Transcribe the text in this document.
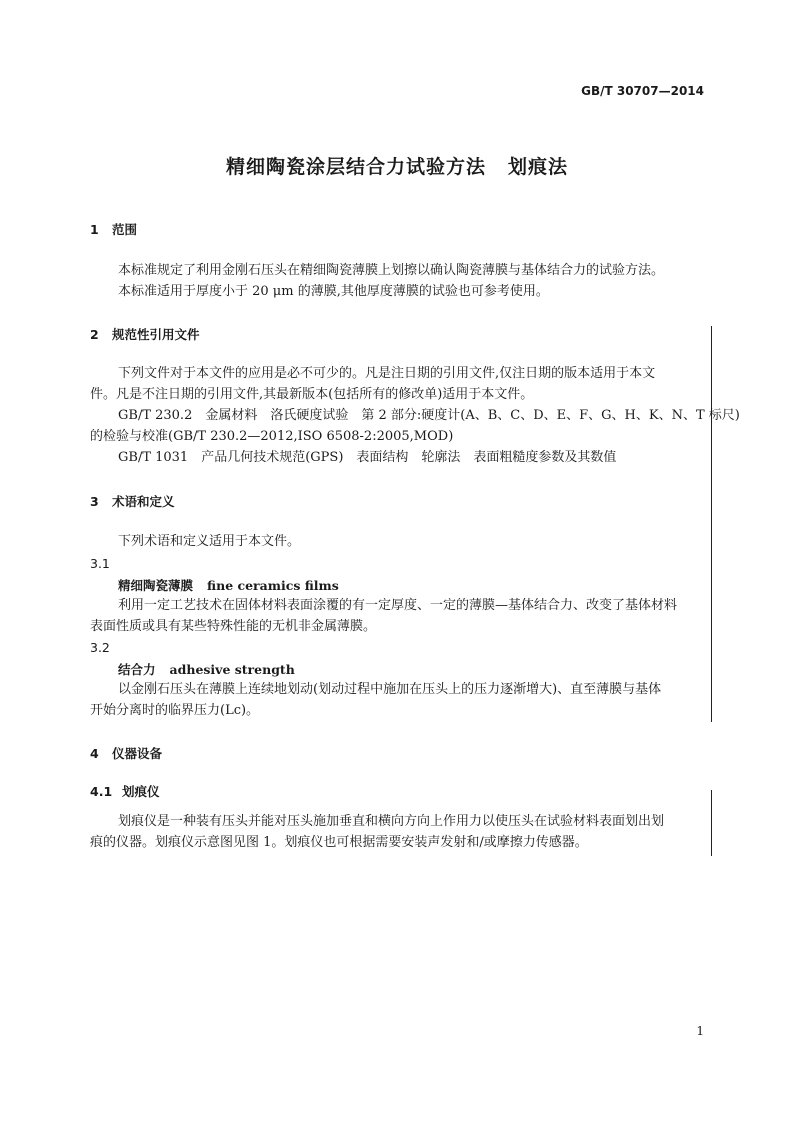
GB/T 30707—2014
精细陶瓷涂层结合力试验方法 划痕法
1 范围
本标准规定了利用金刚石压头在精细陶瓷薄膜上划擦以确认陶瓷薄膜与基体结合力的试验方法。
本标准适用于厚度小于 20 μm 的薄膜,其他厚度薄膜的试验也可参考使用。
2 规范性引用文件
下列文件对于本文件的应用是必不可少的。凡是注日期的引用文件,仅注日期的版本适用于本文
件。凡是不注日期的引用文件,其最新版本(包括所有的修改单)适用于本文件。
GB/T 230.2　金属材料　洛氏硬度试验　第 2 部分:硬度计(A、B、C、D、E、F、G、H、K、N、T 标尺)
的检验与校准(GB/T 230.2—2012,ISO 6508-2:2005,MOD)
GB/T 1031　产品几何技术规范(GPS)　表面结构　轮廓法　表面粗糙度参数及其数值
3 术语和定义
下列术语和定义适用于本文件。
3.1
精细陶瓷薄膜 fine ceramics films
利用一定工艺技术在固体材料表面涂覆的有一定厚度、一定的薄膜—基体结合力、改变了基体材料
表面性质或具有某些特殊性能的无机非金属薄膜。
3.2
结合力 adhesive strength
以金刚石压头在薄膜上连续地划动(划动过程中施加在压头上的压力逐渐增大)、直至薄膜与基体
开始分离时的临界压力(Lc)。
4 仪器设备
4.1 划痕仪
划痕仪是一种装有压头并能对压头施加垂直和横向方向上作用力以使压头在试验材料表面划出划
痕的仪器。划痕仪示意图见图 1。划痕仪也可根据需要安装声发射和/或摩擦力传感器。
1
